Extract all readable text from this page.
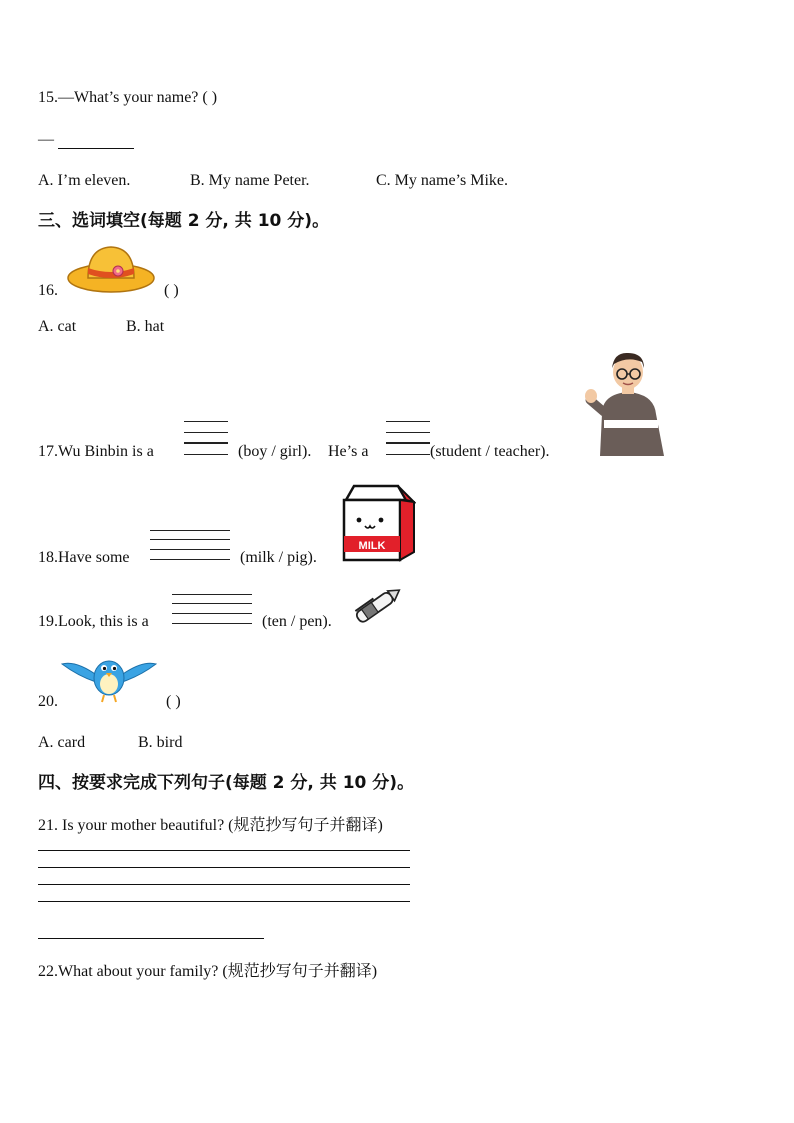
15.—What’s your name? ( )
—
A. I’m eleven.	B. My name Peter.	C. My name’s Mike.
三、选词填空(每题 2 分, 共 10 分)。
16.	( )
A. cat	B. hat
17.Wu Binbin is a	(boy / girl). He’s a	(student / teacher).
18.Have some	(milk / pig).
MILK
19.Look, this is a	(ten / pen).
20.	( )
A. card	B. bird
四、按要求完成下列句子(每题 2 分, 共 10 分)。
21. Is your mother beautiful? (规范抄写句子并翻译)
22.What about your family? (规范抄写句子并翻译)
